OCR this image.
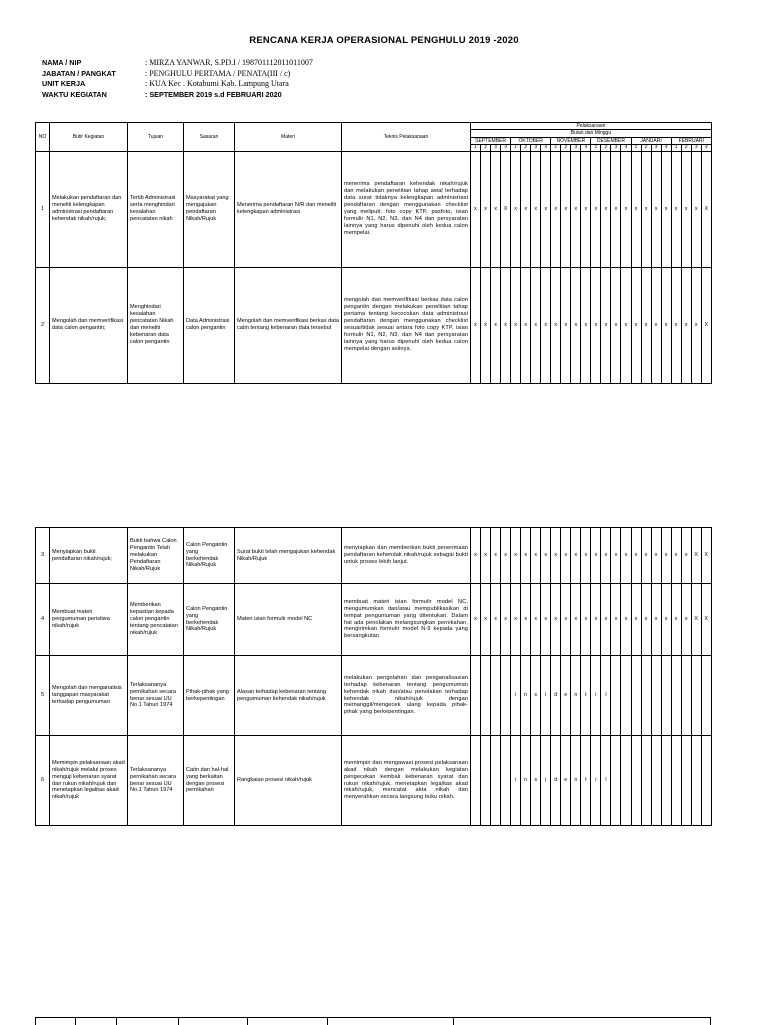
RENCANA KERJA OPERASIONAL PENGHULU 2019 -2020
NAMA / NIP	: MIRZA YANWAR, S.PD.I / 198701112011011007
JABATAN / PANGKAT	: PENGHULU PERTAMA / PENATA(III / c)
UNIT KERJA	: KUA Kec . Kotabumi Kab. Lampung Utara
WAKTU KEGIATAN	: SEPTEMBER 2019 s.d FEBRUARI 2020
NO	Butir Kegiatan	Tujuan	Sasaran	Materi	Teknis Pelaksanaan	Pelaksanaan																							
						Bulan dan Minggu																							
						SEPTEMBER				OKTOBER				NOVEMBER				DESEMBER				JANUARI				FEBRUARI			
						1	2	3	4	1	2	3	4	1	2	3	4	1	2	3	4	1	2	3	4	1	2	3	4
1	Melakukan pendaftaran dan meneliti kelengkapan administrasi pendaftaran kehendak nikah/rujuk;	Tertib Administrasi serta menghindari kesalahan pencatatan nikah	Masyarakat yang mengajukan pendaftaran Nikah/Rujuk	Menerima pendaftaran N/R dan meneliti kelengkapan administrasi	menerima pendaftaran kehendak nikah/rujuk dan melakukan penelitian tahap awal terhadap data surat tidaknya kelengkapan administrasi pendaftaran dengan menggunakan checklist yang meliputi: foto copy KTP, pasfoto, isian formulir N1, N2, N3, dan N4 dan persyaratan lainnya yang harus dipenuhi oleh kedua calon mempelai.	x	x	x	X	x	x	x	x	x	x	x	x	x	x	x	x	x	x	x	x	x	x	x	X
2	Mengolah dan memverifikasi data calon pengantin;	Menghindari kesalahan pencatatan Nikah dan meneliti kebenaran data calon pengantin	Data Administrasi calon pengantin	Mengolah dan memverifikasi berkas data catin tentang kebenaran data tersebut	mengolah dan memverifikasi berkas data calon pengantin dengan melakukan penelitian tahap pertama tentang kecocokan data administrasi pendaftaran dengan menggunakan checklist sesuai/tidak sesuai antara foto copy KTP, isian formulir N1, N2, N3, dan N4 dan persyaratan lainnya yang harus dipenuhi oleh kedua calon mempelai dengan aslinya.	x	x	x	x	x	x	x	x	x	x	x	x	x	x	x	x	x	x	x	x	x	x	x	X
3	Menyiapkan bukti pendaftaran nikah/rujuk;	Bukti bahwa Calon Pengantin Telah melakukan Pendaftaran Nikah/Rujuk	Calon Pengantin yang berkehendak Nikah/Rujuk	Surat bukti telah mengajukan kehendak Nikah/Rujuk	menyiapkan dan memberikan bukti penerimaan pendaftaran kehendak nikah/rujuk sebagai bukti untuk proses lebih lanjut.	x	x	x	x	x	x	x	x	x	x	x	x	x	x	x	x	x	x	x	x	x	x	X	X
4	Membuat materi pengumuman peristiwa nikah/rujuk	Memberikan kepastian kepada calon pengantin tentang pencatatan nikah/rujuk	Calon Pengantin yang berkehendak Nikah/Rujuk	Materi isian formulir model NC	membuat materi isian formulir model NC, mengumumkan dan/atau mempublikasikan di tempat pengumuman yang ditentukan. Dalam hal ada penolakan melangsungkan pernikahan, mengirimkan formulir model N-9 kepada yang bersangkutan.	x	x	x	x	x	x	x	x	x	x	x	x	x	x	x	x	x	x	x	x	x	x	X	X
5	Mengolah dan menganalisis tanggapan masyarakat terhadap pengumuman	Terlaksananya pernikahan secara benar sesuai UU No.1 Tahun 1974	Pihak-pihak yang berkepentingan	Alasan terhadap kebenaran tentang pengumuman kehendak nikah/rujuk	melakukan pengolahan dan penganalisasian terhadap kebenaran tentang pengumuman kehendak nikah dan/atau penolakan terhadap kehendak nikah/rujuk dengan memanggil/mengecek ulang kepada pihak-pihak yang berkepentingan.					i	n	s	i	d	e	n	t	i	l										
6	Memimpin pelaksanaan akad nikah/rujuk melalui proses menguji kebenaran syarat dan rukun nikah/rujuk dan menetapkan legalitas akad nikah/rujuk	Terlaksananya pernikahan secara benar sesuai UU No.1 Tahun 1974	Catin dan hal-hal yang berkaitan dengan prosesi pernikahan	Rangkaian prosesi nikah/rujuk	memimpin dan mengawasi prosesi pelaksanaan akad nikah dengan melakukan kegiatan pengecekan kembali kebenaran syarat dan rukun nikah/rujuk, menetapkan legalitas akad nikah/rujuk, mencatat akta nikah dan menyerahkan secara langsung buku nikah.					i	n	s	i	d	e	n	t	i	l										
